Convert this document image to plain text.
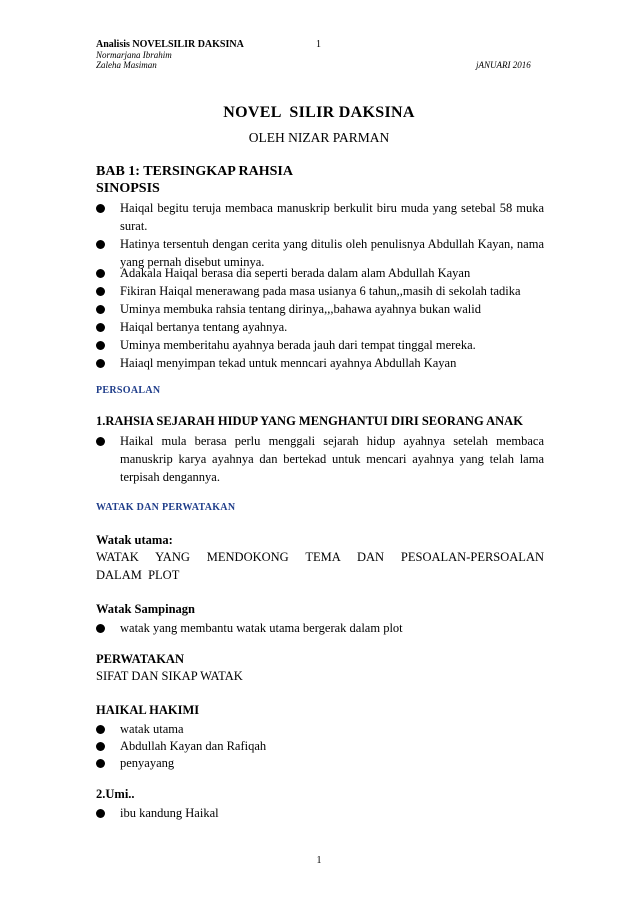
Analisis NOVELSILIR DAKSINA	1
Normarjana Ibrahim
Zaleha Masiman	jANUARI 2016
NOVEL  SILIR DAKSINA
OLEH NIZAR PARMAN
BAB 1: TERSINGKAP RAHSIA
SINOPSIS
Haiqal begitu teruja membaca manuskrip berkulit biru muda yang setebal 58 muka surat.
Hatinya tersentuh dengan cerita yang ditulis oleh penulisnya Abdullah Kayan, nama yang pernah disebut uminya.
Adakala Haiqal berasa dia seperti berada dalam alam Abdullah Kayan
Fikiran Haiqal menerawang pada masa usianya 6 tahun,,masih di sekolah tadika
Uminya membuka rahsia tentang dirinya,,,bahawa ayahnya bukan walid
Haiqal bertanya tentang ayahnya.
Uminya memberitahu ayahnya berada jauh dari tempat tinggal mereka.
Haiaql menyimpan tekad untuk menncari ayahnya Abdullah Kayan
PERSOALAN
1.RAHSIA SEJARAH HIDUP YANG MENGHANTUI DIRI SEORANG ANAK
Haikal mula berasa perlu menggali sejarah hidup ayahnya setelah membaca manuskrip karya ayahnya dan bertekad untuk mencari ayahnya yang telah lama terpisah dengannya.
WATAK DAN PERWATAKAN
Watak utama:
WATAK YANG MENDOKONG TEMA DAN PESOALAN-PERSOALAN
DALAM  PLOT
Watak Sampinagn
watak yang membantu watak utama bergerak dalam plot
PERWATAKAN
SIFAT DAN SIKAP WATAK
HAIKAL HAKIMI
watak utama
Abdullah Kayan dan Rafiqah
penyayang
2.Umi..
ibu kandung Haikal
1
